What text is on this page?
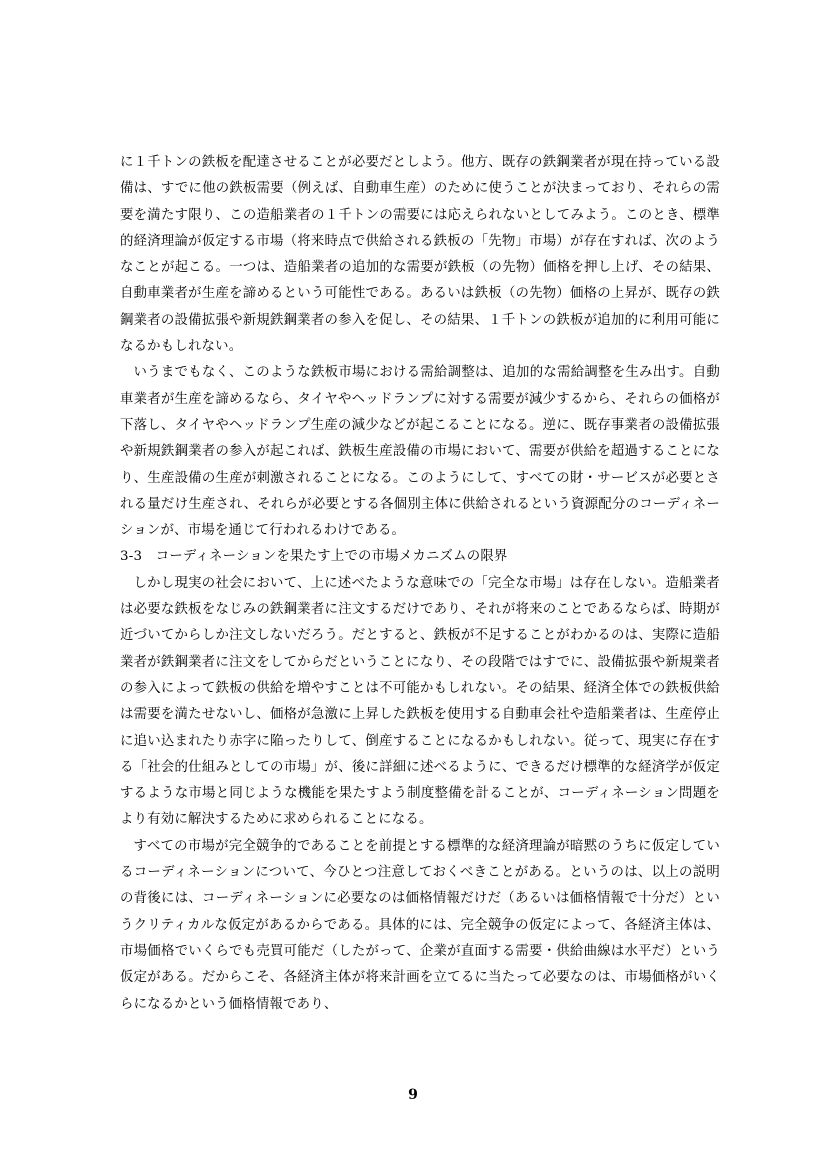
に１千トンの鉄板を配達させることが必要だとしよう。他方、既存の鉄鋼業者が現在持っている設備は、すでに他の鉄板需要（例えば、自動車生産）のために使うことが決まっており、それらの需要を満たす限り、この造船業者の１千トンの需要には応えられないとしてみよう。このとき、標準的経済理論が仮定する市場（将来時点で供給される鉄板の「先物」市場）が存在すれば、次のようなことが起こる。一つは、造船業者の追加的な需要が鉄板（の先物）価格を押し上げ、その結果、自動車業者が生産を諦めるという可能性である。あるいは鉄板（の先物）価格の上昇が、既存の鉄鋼業者の設備拡張や新規鉄鋼業者の参入を促し、その結果、１千トンの鉄板が追加的に利用可能になるかもしれない。

いうまでもなく、このような鉄板市場における需給調整は、追加的な需給調整を生み出す。自動車業者が生産を諦めるなら、タイヤやヘッドランプに対する需要が減少するから、それらの価格が下落し、タイヤやヘッドランプ生産の減少などが起こることになる。逆に、既存事業者の設備拡張や新規鉄鋼業者の参入が起これば、鉄板生産設備の市場において、需要が供給を超過することになり、生産設備の生産が刺激されることになる。このようにして、すべての財・サービスが必要とされる量だけ生産され、それらが必要とする各個別主体に供給されるという資源配分のコーディネーションが、市場を通じて行われるわけである。

3-3　コーディネーションを果たす上での市場メカニズムの限界

しかし現実の社会において、上に述べたような意味での「完全な市場」は存在しない。造船業者は必要な鉄板をなじみの鉄鋼業者に注文するだけであり、それが将来のことであるならば、時期が近づいてからしか注文しないだろう。だとすると、鉄板が不足することがわかるのは、実際に造船業者が鉄鋼業者に注文をしてからだということになり、その段階ではすでに、設備拡張や新規業者の参入によって鉄板の供給を増やすことは不可能かもしれない。その結果、経済全体での鉄板供給は需要を満たせないし、価格が急激に上昇した鉄板を使用する自動車会社や造船業者は、生産停止に追い込まれたり赤字に陥ったりして、倒産することになるかもしれない。従って、現実に存在する「社会的仕組みとしての市場」が、後に詳細に述べるように、できるだけ標準的な経済学が仮定するような市場と同じような機能を果たすよう制度整備を計ることが、コーディネーション問題をより有効に解決するために求められることになる。

すべての市場が完全競争的であることを前提とする標準的な経済理論が暗黙のうちに仮定しているコーディネーションについて、今ひとつ注意しておくべきことがある。というのは、以上の説明の背後には、コーディネーションに必要なのは価格情報だけだ（あるいは価格情報で十分だ）というクリティカルな仮定があるからである。具体的には、完全競争の仮定によって、各経済主体は、市場価格でいくらでも売買可能だ（したがって、企業が直面する需要・供給曲線は水平だ）という仮定がある。だからこそ、各経済主体が将来計画を立てるに当たって必要なのは、市場価格がいくらになるかという価格情報であり、

9
